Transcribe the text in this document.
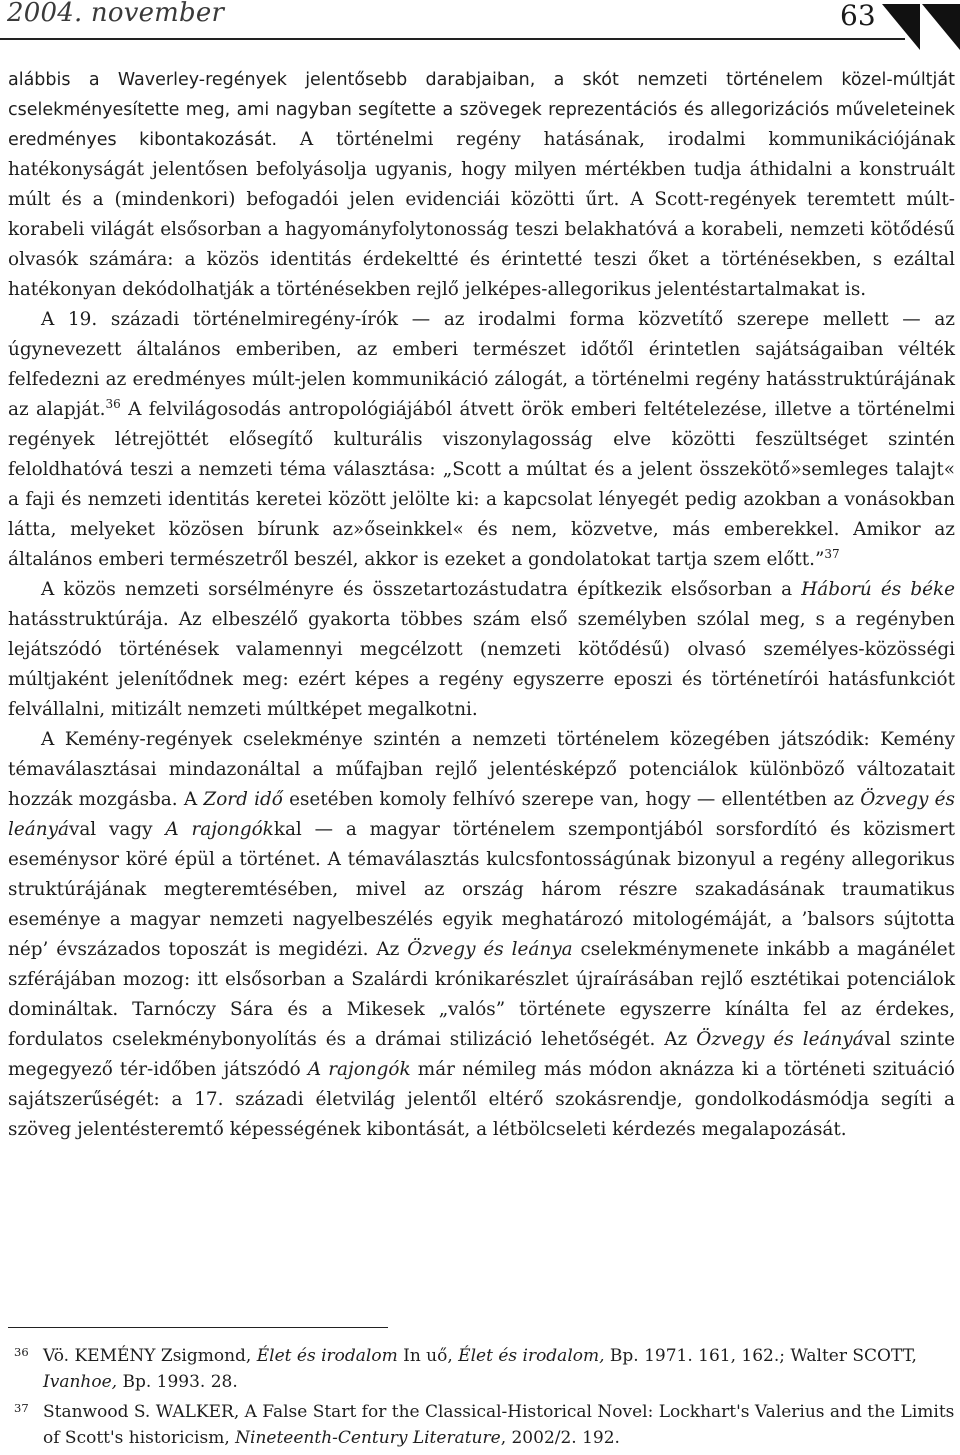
2004. november	63

alábbis a Waverley-regények jelentősebb darabjaiban, a skót nemzeti történelem közel-múltját cselekményesítette meg, ami nagyban segítette a szövegek reprezentációs és allegorizációs műveleteinek eredményes kibontakozását. A történelmi regény hatásának, irodalmi kommunikációjának hatékonyságát jelentősen befolyásolja ugyanis, hogy milyen mértékben tudja áthidalni a konstruált múlt és a (mindenkori) befogadói jelen evidenciái közötti űrt. A Scott-regények teremtett múlt-korabeli világát elsősorban a hagyományfolytonosság teszi belakhatóvá a korabeli, nemzeti kötődésű olvasók számára: a közös identitás érdekeltté és érintetté teszi őket a történésekben, s ezáltal hatékonyan dekódolhatják a történésekben rejlő jelképes-allegorikus jelentéstartalmakat is.

A 19. századi történelmiregény-írók — az irodalmi forma közvetítő szerepe mellett — az úgynevezett általános emberiben, az emberi természet időtől érintetlen sajátságaiban vélték felfedezni az eredményes múlt-jelen kommunikáció zálogát, a történelmi regény hatásstruktúrájának az alapját.$^{36}$ A felvilágosodás antropológiájából átvett örök emberi feltételezése, illetve a történelmi regények létrejöttét elősegítő kulturális viszonylagosság elve közötti feszültséget szintén feloldhatóvá teszi a nemzeti téma választása: „Scott a múltat és a jelent összekötő»semleges talajt« a faji és nemzeti identitás keretei között jelölte ki: a kapcsolat lényegét pedig azokban a vonásokban látta, melyeket közösen bírunk az»őseinkkel« és nem, közvetve, más emberekkel. Amikor az általános emberi természetről beszél, akkor is ezeket a gondolatokat tartja szem előtt.”$^{37}$

A közös nemzeti sorsélményre és összetartozástudatra építkezik elsősorban a Háború és béke hatásstruktúrája. Az elbeszélő gyakorta többes szám első személyben szólal meg, s a regényben lejátszódó történések valamennyi megcélzott (nemzeti kötődésű) olvasó személyes-közösségi múltjaként jelenítődnek meg: ezért képes a regény egyszerre eposzi és történetírói hatásfunkciót felvállalni, mitizált nemzeti múltképet megalkotni.

A Kemény-regények cselekménye szintén a nemzeti történelem közegében játszódik: Kemény témaválasztásai mindazonáltal a műfajban rejlő jelentésképző potenciálok különböző változatait hozzák mozgásba. A Zord idő esetében komoly felhívó szerepe van, hogy — ellentétben az Özvegy és leányával vagy A rajongókkal — a magyar történelem szempontjából sorsfordító és közismert eseménysor köré épül a történet. A témaválasztás kulcsfontosságúnak bizonyul a regény allegorikus struktúrájának megteremtésében, mivel az ország három részre szakadásának traumatikus eseménye a magyar nemzeti nagyelbeszélés egyik meghatározó mitologémáját, a ’balsors sújtotta nép’ évszázados toposzát is megidézi. Az Özvegy és leánya cselekménymenete inkább a magánélet szférájában mozog: itt elsősorban a Szalárdi krónikarészlet újraírásában rejlő esztétikai potenciálok domináltak. Tarnóczy Sára és a Mikesek „valós” története egyszerre kínálta fel az érdekes, fordulatos cselekménybonyolítás és a drámai stilizáció lehetőségét. Az Özvegy és leányával szinte megegyező tér-időben játszódó A rajongók már némileg más módon aknázza ki a történeti szituáció sajátszerűségét: a 17. századi életvilág jelentől eltérő szokásrendje, gondolkodásmódja segíti a szöveg jelentésteremtő képességének kibontását, a létbölcseleti kérdezés megalapozását.

36 Vö. KEMÉNY Zsigmond, Élet és irodalom In uő, Élet és irodalom, Bp. 1971. 161, 162.; Walter SCOTT, Ivanhoe, Bp. 1993. 28.
37 Stanwood S. WALKER, A False Start for the Classical-Historical Novel: Lockhart's Valerius and the Limits of Scott's historicism, Nineteenth-Century Literature, 2002/2. 192.
